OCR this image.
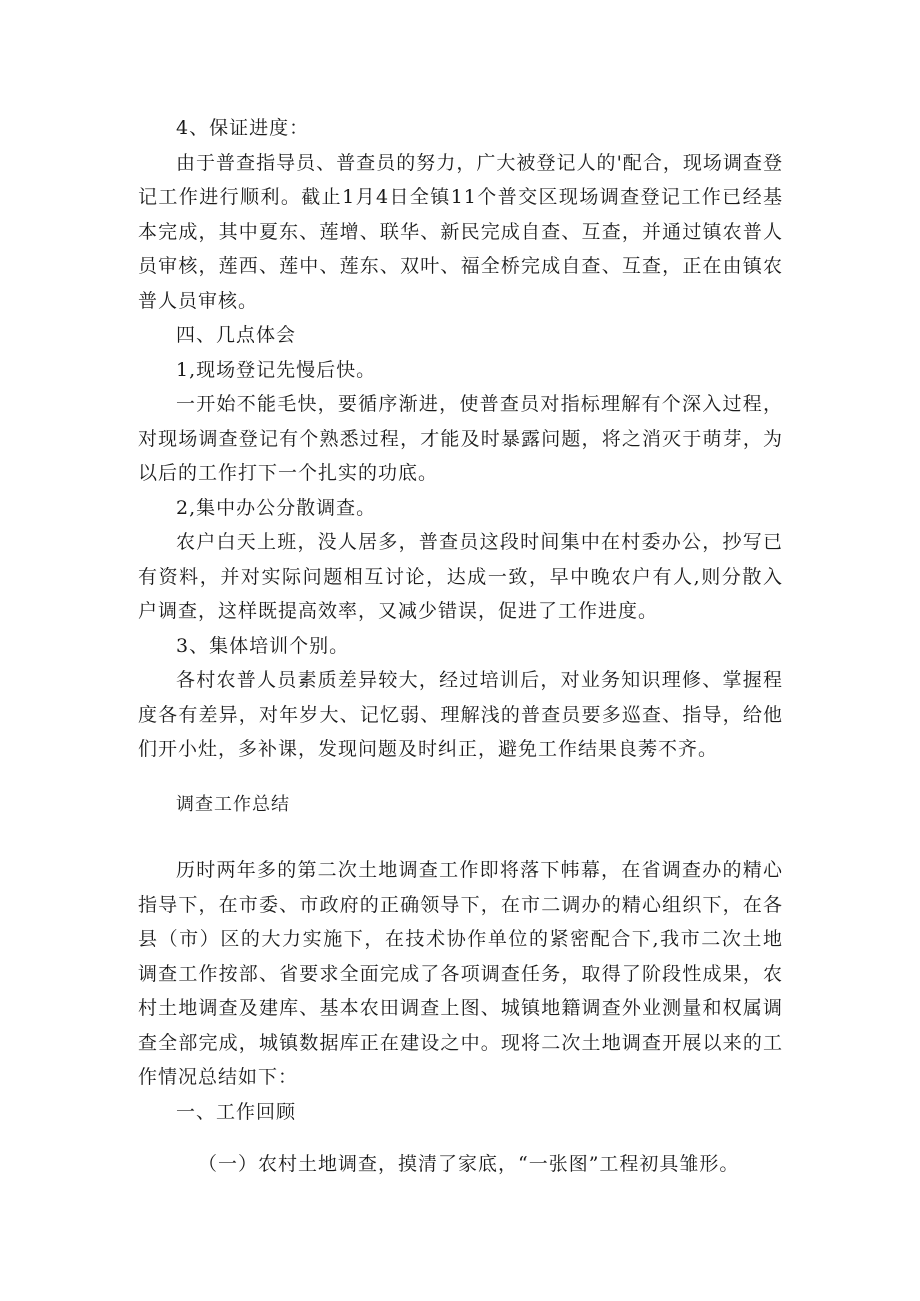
4、保证进度：

由于普查指导员、普查员的努力，广大被登记人的'配合，现场调查登记工作进行顺利。截止1月4日全镇11个普交区现场调查登记工作已经基本完成，其中夏东、莲增、联华、新民完成自查、互查，并通过镇农普人员审核，莲西、莲中、莲东、双叶、福全桥完成自查、互查，正在由镇农普人员审核。

四、几点体会

1,现场登记先慢后快。

一开始不能毛快，要循序渐进，使普查员对指标理解有个深入过程，对现场调查登记有个熟悉过程，才能及时暴露问题，将之消灭于萌芽，为以后的工作打下一个扎实的功底。

2,集中办公分散调查。

农户白天上班，没人居多，普查员这段时间集中在村委办公，抄写已有资料，并对实际问题相互讨论，达成一致，早中晚农户有人,则分散入户调查，这样既提高效率，又减少错误，促进了工作进度。

3、集体培训个别。

各村农普人员素质差异较大，经过培训后，对业务知识理修、掌握程度各有差异，对年岁大、记忆弱、理解浅的普查员要多巡查、指导，给他们开小灶，多补课，发现问题及时纠正，避免工作结果良莠不齐。

调查工作总结

历时两年多的第二次土地调查工作即将落下帏幕，在省调查办的精心指导下，在市委、市政府的正确领导下，在市二调办的精心组织下，在各县（市）区的大力实施下，在技术协作单位的紧密配合下,我市二次土地调查工作按部、省要求全面完成了各项调查任务，取得了阶段性成果，农村土地调查及建库、基本农田调查上图、城镇地籍调查外业测量和权属调查全部完成，城镇数据库正在建设之中。现将二次土地调查开展以来的工作情况总结如下：

一、工作回顾

（一）农村土地调查，摸清了家底，“一张图”工程初具雏形。
